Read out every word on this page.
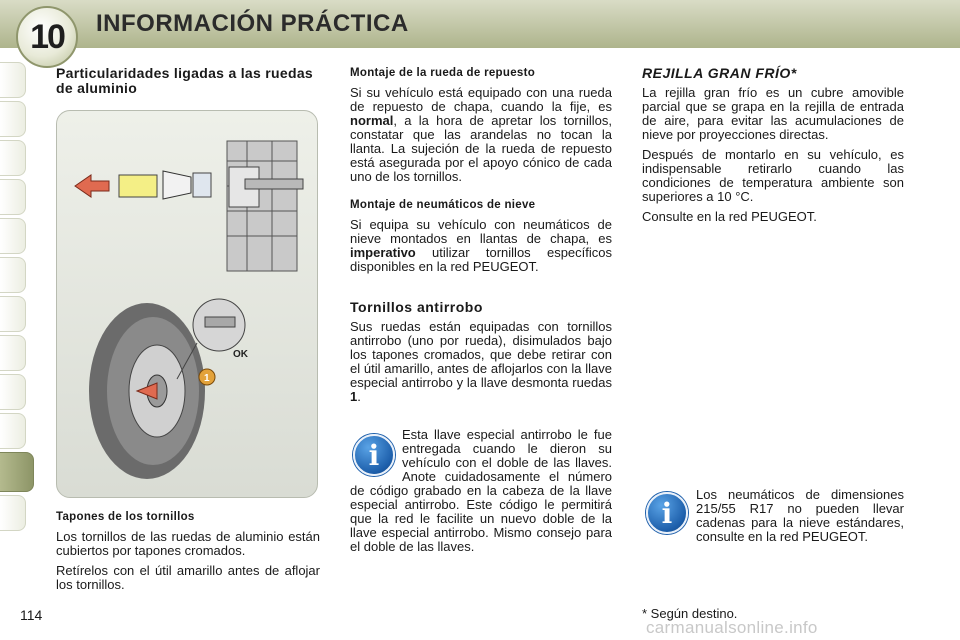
INFORMACIÓN PRÁCTICA
10
Particularidades ligadas a las ruedas de aluminio
1
OK

Tapones de los tornillos

Los tornillos de las ruedas de aluminio están cubiertos por tapones cromados.

Retírelos con el útil amarillo antes de aflojar los tornillos.

Montaje de la rueda de repuesto

Si su vehículo está equipado con una rueda de repuesto de chapa, cuando la fije, es normal, a la hora de apretar los tornillos, constatar que las arandelas no tocan la llanta. La sujeción de la rueda de repuesto está asegurada por el apoyo cónico de cada uno de los tornillos.

Montaje de neumáticos de nieve

Si equipa su vehículo con neumáticos de nieve montados en llantas de chapa, es imperativo utilizar tornillos específicos disponibles en la red PEUGEOT.

Tornillos antirrobo

Sus ruedas están equipadas con tornillos antirrobo (uno por rueda), disimulados bajo los tapones cromados, que debe retirar con el útil amarillo, antes de aflojarlos con la llave especial antirrobo y la llave desmonta ruedas 1.

i
Esta llave especial antirrobo le fue entregada cuando le dieron su vehículo con el doble de las llaves. Anote cuidadosamente el número de código grabado en la cabeza de la llave especial antirrobo. Este código le permitirá que la red le facilite un nuevo doble de la llave especial antirrobo. Mismo consejo para el doble de las llaves.

REJILLA GRAN FRÍO*

La rejilla gran frío es un cubre amovible parcial que se grapa en la rejilla de entrada de aire, para evitar las acumulaciones de nieve por proyecciones directas.

Después de montarlo en su vehículo, es indispensable retirarlo cuando las condiciones de temperatura ambiente son superiores a 10 °C.

Consulte en la red PEUGEOT.

i
Los neumáticos de dimensiones 215/55 R17 no pueden llevar cadenas para la nieve estándares, consulte en la red PEUGEOT.
114	* Según destino.
carmanualsonline.info
